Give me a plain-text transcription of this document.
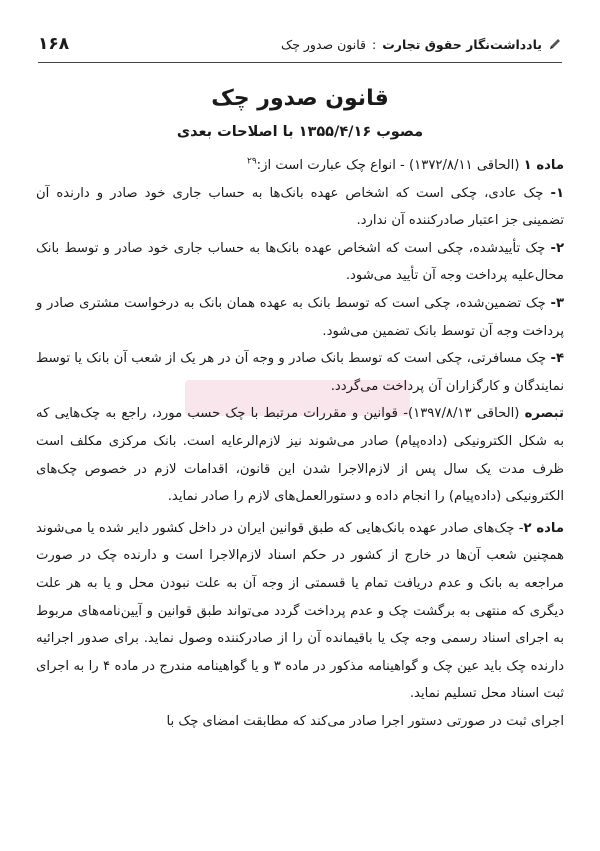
یادداشت‌نگار حقوق تجارت
:
قانون صدور چک
۱۶۸
قانون صدور چک
مصوب ۱۳۵۵/۴/۱۶ با اصلاحات بعدی

ماده ۱ (الحاقی ۱۳۷۲/۸/۱۱) - انواع چک عبارت است از:$^{۲۹}$

۱- چک عادی، چکی است که اشخاص عهده بانک‌ها به حساب جاری خود صادر و دارنده آن تضمینی جز اعتبار صادرکننده آن ندارد.

۲- چک تأییدشده، چکی است که اشخاص عهده بانک‌ها به حساب جاری خود صادر و توسط بانک محال‌علیه پرداخت وجه آن تأیید می‌شود.

۳- چک تضمین‌شده، چکی است که توسط بانک به عهده همان بانک به درخواست مشتری صادر و پرداخت وجه آن توسط بانک تضمین می‌شود.

۴- چک مسافرتی، چکی است که توسط بانک صادر و وجه آن در هر یک از شعب آن بانک یا توسط نمایندگان و کارگزاران آن پرداخت می‌گردد.

تبصره (الحاقی ۱۳۹۷/۸/۱۳)- قوانین و مقررات مرتبط با چک حسب مورد، راجع به چک‌هایی که به شکل الکترونیکی (داده‌پیام) صادر می‌شوند نیز لازم‌الرعایه است. بانک مرکزی مکلف است ظرف مدت یک سال پس از لازم‌الاجرا شدن این قانون، اقدامات لازم در خصوص چک‌های الکترونیکی (داده‌پیام) را انجام داده و دستورالعمل‌های لازم را صادر نماید.

ماده ۲- چک‌های صادر عهده بانک‌هایی که طبق قوانین ایران در داخل کشور دایر شده یا می‌شوند همچنین شعب آن‌ها در خارج از کشور در حکم اسناد لازم‌الاجرا است و دارنده چک در صورت مراجعه به بانک و عدم دریافت تمام یا قسمتی از وجه آن به علت نبودن محل و یا به هر علت دیگری که منتهی به برگشت چک و عدم پرداخت گردد می‌تواند طبق قوانین و آیین‌نامه‌های مربوط به اجرای اسناد رسمی وجه چک یا باقیمانده آن را از صادرکننده وصول نماید. برای صدور اجرائیه دارنده چک باید عین چک و گواهینامه مذکور در ماده ۳ و یا گواهینامه مندرج در ماده ۴ را به اجرای ثبت اسناد محل تسلیم نماید.

اجرای ثبت در صورتی دستور اجرا صادر می‌کند که مطابقت امضای چک با
